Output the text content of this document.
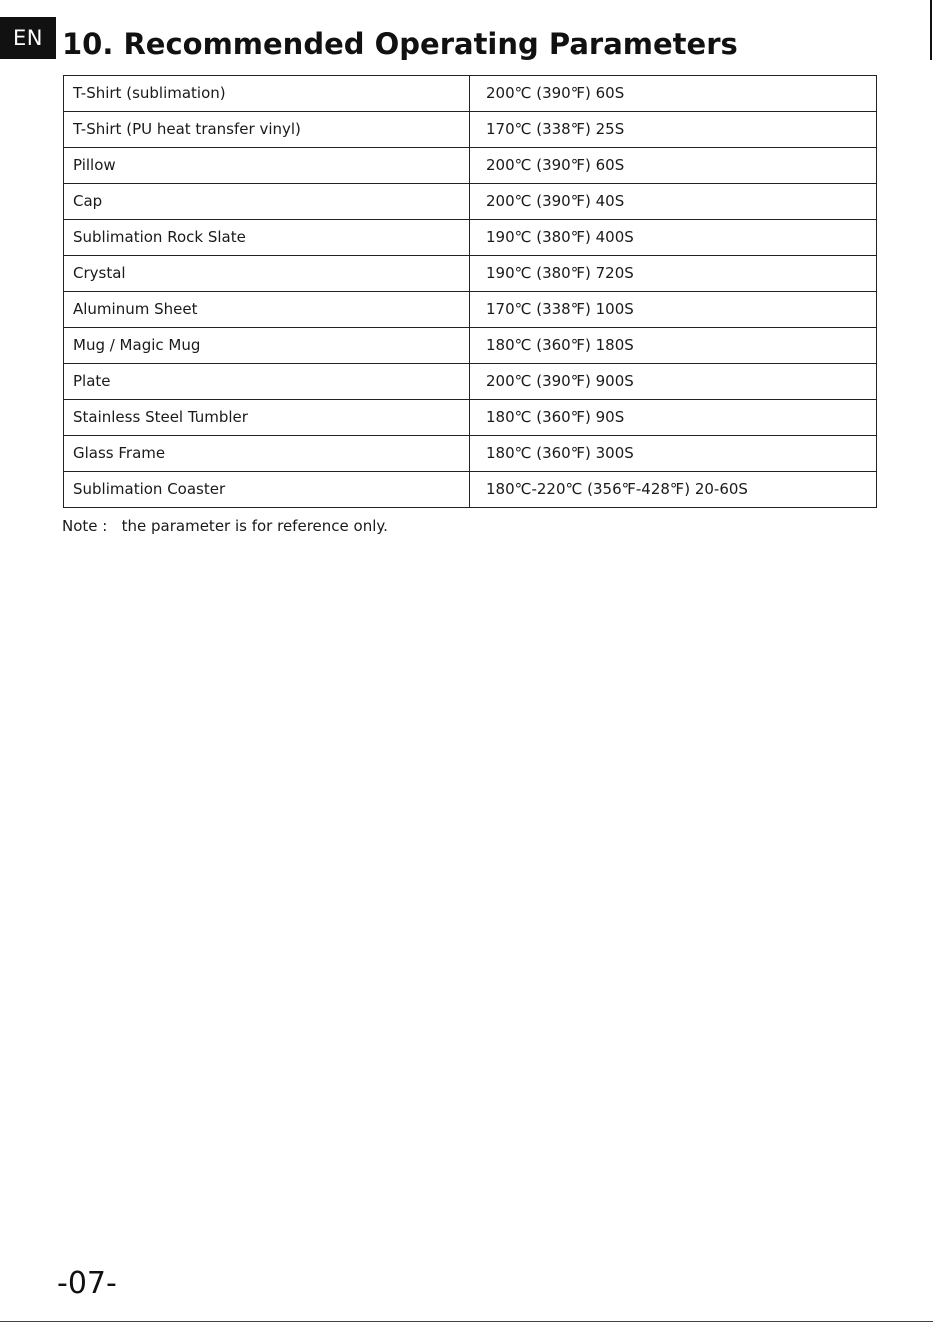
EN 10. Recommended Operating Parameters
T-Shirt (sublimation)	200℃ (390℉) 60S
T-Shirt (PU heat transfer vinyl)	170℃ (338℉) 25S
Pillow	200℃ (390℉) 60S
Cap	200℃ (390℉) 40S
Sublimation Rock Slate	190℃ (380℉) 400S
Crystal	190℃ (380℉) 720S
Aluminum Sheet	170℃ (338℉) 100S
Mug / Magic Mug	180℃ (360℉) 180S
Plate	200℃ (390℉) 900S
Stainless Steel Tumbler	180℃ (360℉) 90S
Glass Frame	180℃ (360℉) 300S
Sublimation Coaster	180℃-220℃ (356℉-428℉) 20-60S

Note :   the parameter is for reference only.

-07-
